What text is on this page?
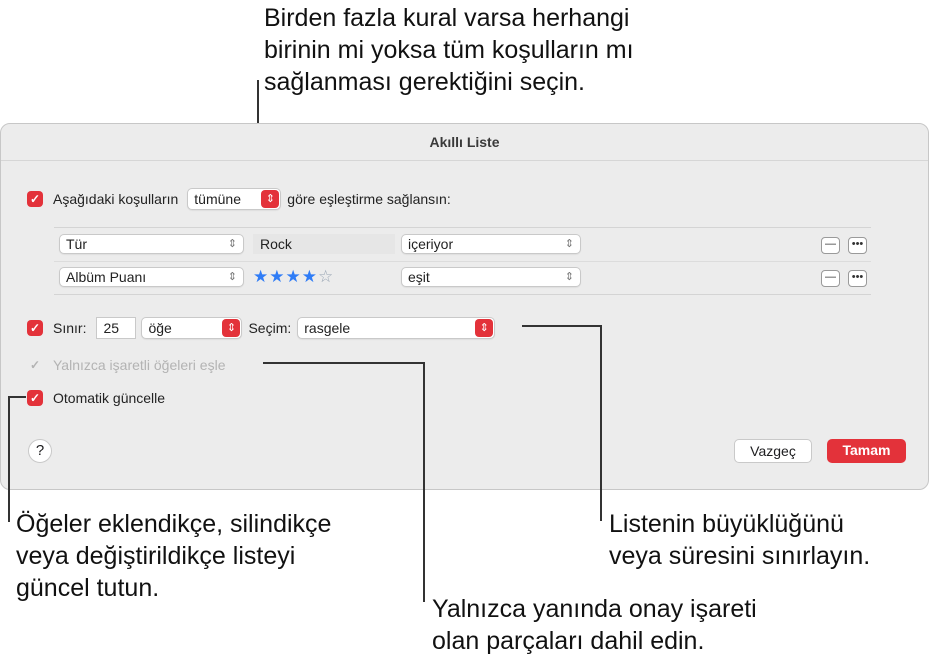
Birden fazla kural varsa herhangi
birinin mi yoksa tüm koşulların mı
sağlanması gerektiğini seçin.
Akıllı Liste
✓ Aşağıdaki koşulların tümüne	⇕ göre eşleştirme sağlansın:
Tür	⇕ Rock	içeriyor	⇕	—	•••
Albüm Puanı	⇕ ★★★★☆	eşit	⇕	—	•••
✓ Sınır: 25 öğe	⇕ Seçim: rasgele	⇕
✓ Yalnızca işaretli öğeleri eşle
✓ Otomatik güncelle
?	Vazgeç	Tamam
Öğeler eklendikçe, silindikçe
veya değiştirildikçe listeyi
güncel tutun.
Listenin büyüklüğünü
veya süresini sınırlayın.
Yalnızca yanında onay işareti
olan parçaları dahil edin.
